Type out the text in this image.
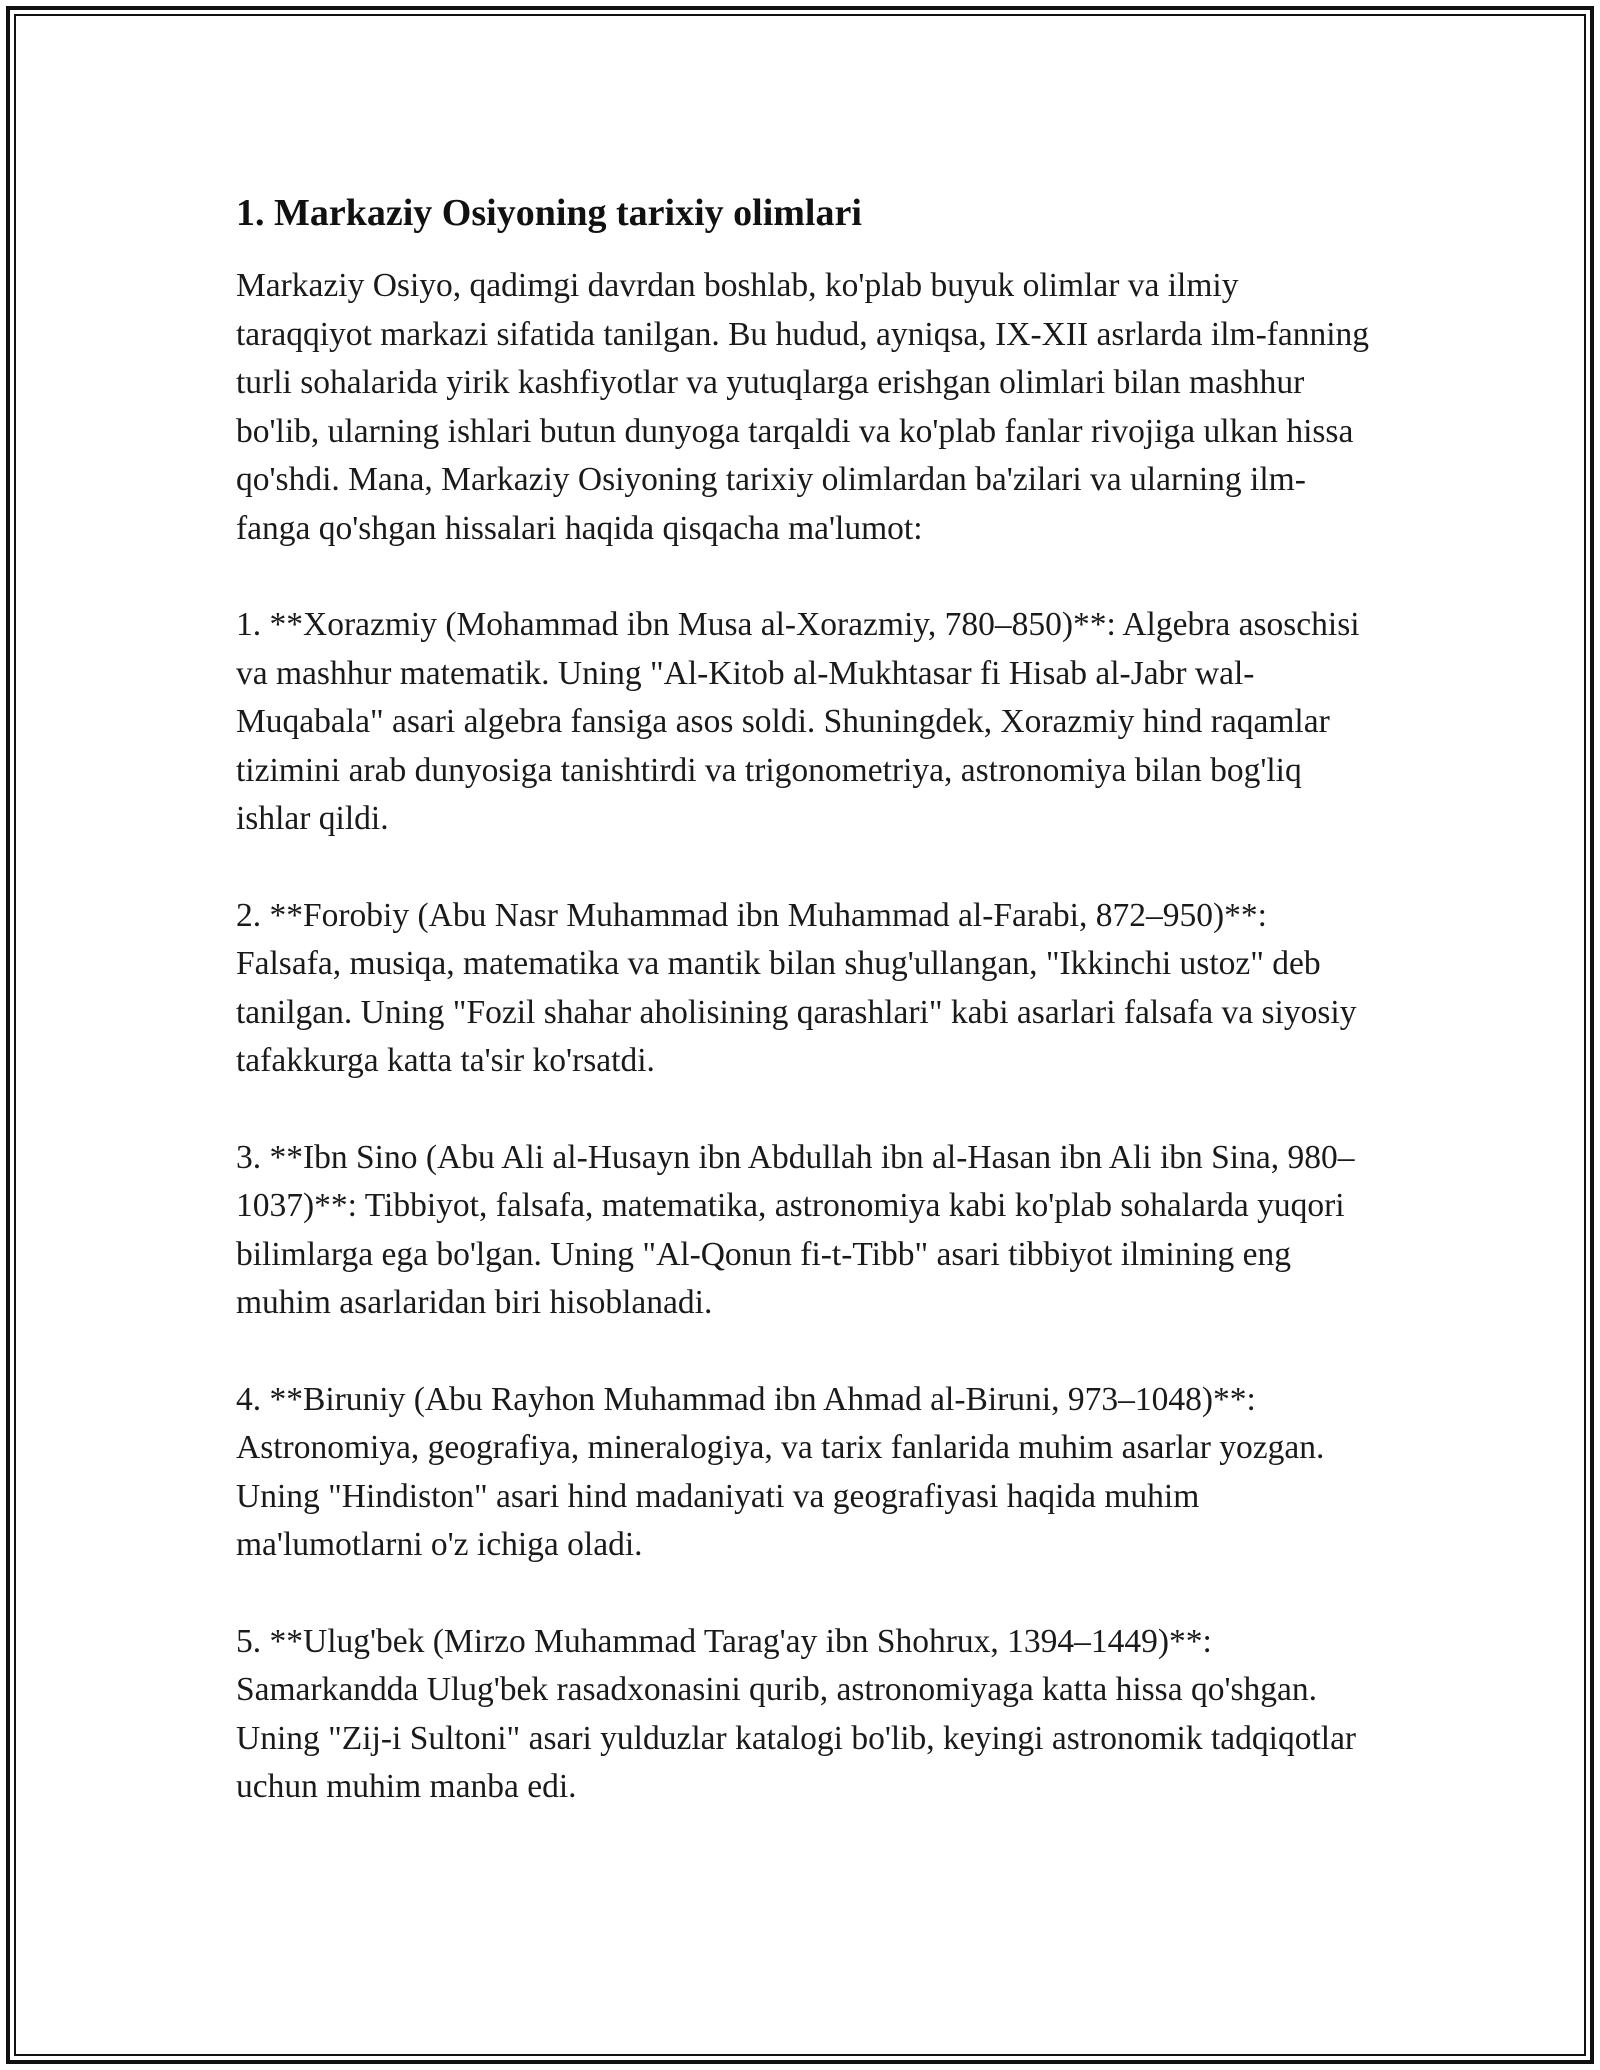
1. Markaziy Osiyoning tarixiy olimlari

Markaziy Osiyo, qadimgi davrdan boshlab, ko'plab buyuk olimlar va ilmiy taraqqiyot markazi sifatida tanilgan. Bu hudud, ayniqsa, IX-XII asrlarda ilm-fanning turli sohalarida yirik kashfiyotlar va yutuqlarga erishgan olimlari bilan mashhur bo'lib, ularning ishlari butun dunyoga tarqaldi va ko'plab fanlar rivojiga ulkan hissa qo'shdi. Mana, Markaziy Osiyoning tarixiy olimlardan ba'zilari va ularning ilm-fanga qo'shgan hissalari haqida qisqacha ma'lumot:

1. **Xorazmiy (Mohammad ibn Musa al-Xorazmiy, 780–850)**: Algebra asoschisi va mashhur matematik. Uning "Al-Kitob al-Mukhtasar fi Hisab al-Jabr wal-Muqabala" asari algebra fansiga asos soldi. Shuningdek, Xorazmiy hind raqamlar tizimini arab dunyosiga tanishtirdi va trigonometriya, astronomiya bilan bog'liq ishlar qildi.

2. **Forobiy (Abu Nasr Muhammad ibn Muhammad al-Farabi, 872–950)**: Falsafa, musiqa, matematika va mantik bilan shug'ullangan, "Ikkinchi ustoz" deb tanilgan. Uning "Fozil shahar aholisining qarashlari" kabi asarlari falsafa va siyosiy tafakkurga katta ta'sir ko'rsatdi.

3. **Ibn Sino (Abu Ali al-Husayn ibn Abdullah ibn al-Hasan ibn Ali ibn Sina, 980–1037)**: Tibbiyot, falsafa, matematika, astronomiya kabi ko'plab sohalarda yuqori bilimlarga ega bo'lgan. Uning "Al-Qonun fi-t-Tibb" asari tibbiyot ilmining eng muhim asarlaridan biri hisoblanadi.

4. **Biruniy (Abu Rayhon Muhammad ibn Ahmad al-Biruni, 973–1048)**: Astronomiya, geografiya, mineralogiya, va tarix fanlarida muhim asarlar yozgan. Uning "Hindiston" asari hind madaniyati va geografiyasi haqida muhim ma'lumotlarni o'z ichiga oladi.

5. **Ulug'bek (Mirzo Muhammad Tarag'ay ibn Shohrux, 1394–1449)**: Samarkandda Ulug'bek rasadxonasini qurib, astronomiyaga katta hissa qo'shgan. Uning "Zij-i Sultoni" asari yulduzlar katalogi bo'lib, keyingi astronomik tadqiqotlar uchun muhim manba edi.
